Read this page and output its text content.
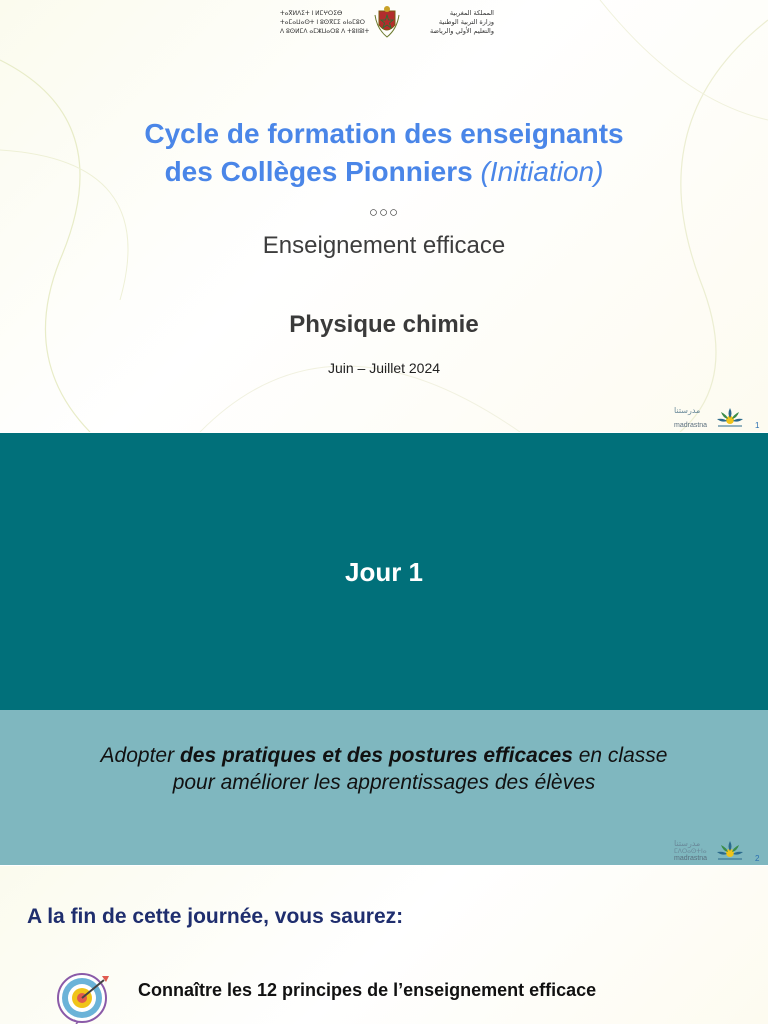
ⵜⴰⴳⵍⴷⵉⵜ ⵏ ⵍⵎⵖⵔⵉⴱ
ⵜⴰⵎⴰⵡⴰⵙⵜ ⵏ ⵓⵙⴳⵎⵉ ⴰⵏⴰⵎⵓⵔ
ⴷ ⵓⵙⵍⵎⴷ ⴰⵎⵣⵡⴰⵔⵓ ⴷ ⵜⵓⵏⵏⵓⵏⵜ
المملكة المغربية
وزارة التربية الوطنية
والتعليم الأولي والرياضة
Cycle de formation des enseignants
des Collèges Pionniers (Initiation)
○○○
Enseignement efficace
Physique chimie
Juin – Juillet 2024
مدرستنا
madrastna	1
Jour 1
Adopter des pratiques et des postures efficaces en classe
pour améliorer les apprentissages des élèves
مدرستنا
ⵎⴷⵔⴰⵙⵜⵏⴰ
madrastna	2
A la fin de cette journée, vous saurez:
Connaître les 12 principes de l’enseignement efficace
